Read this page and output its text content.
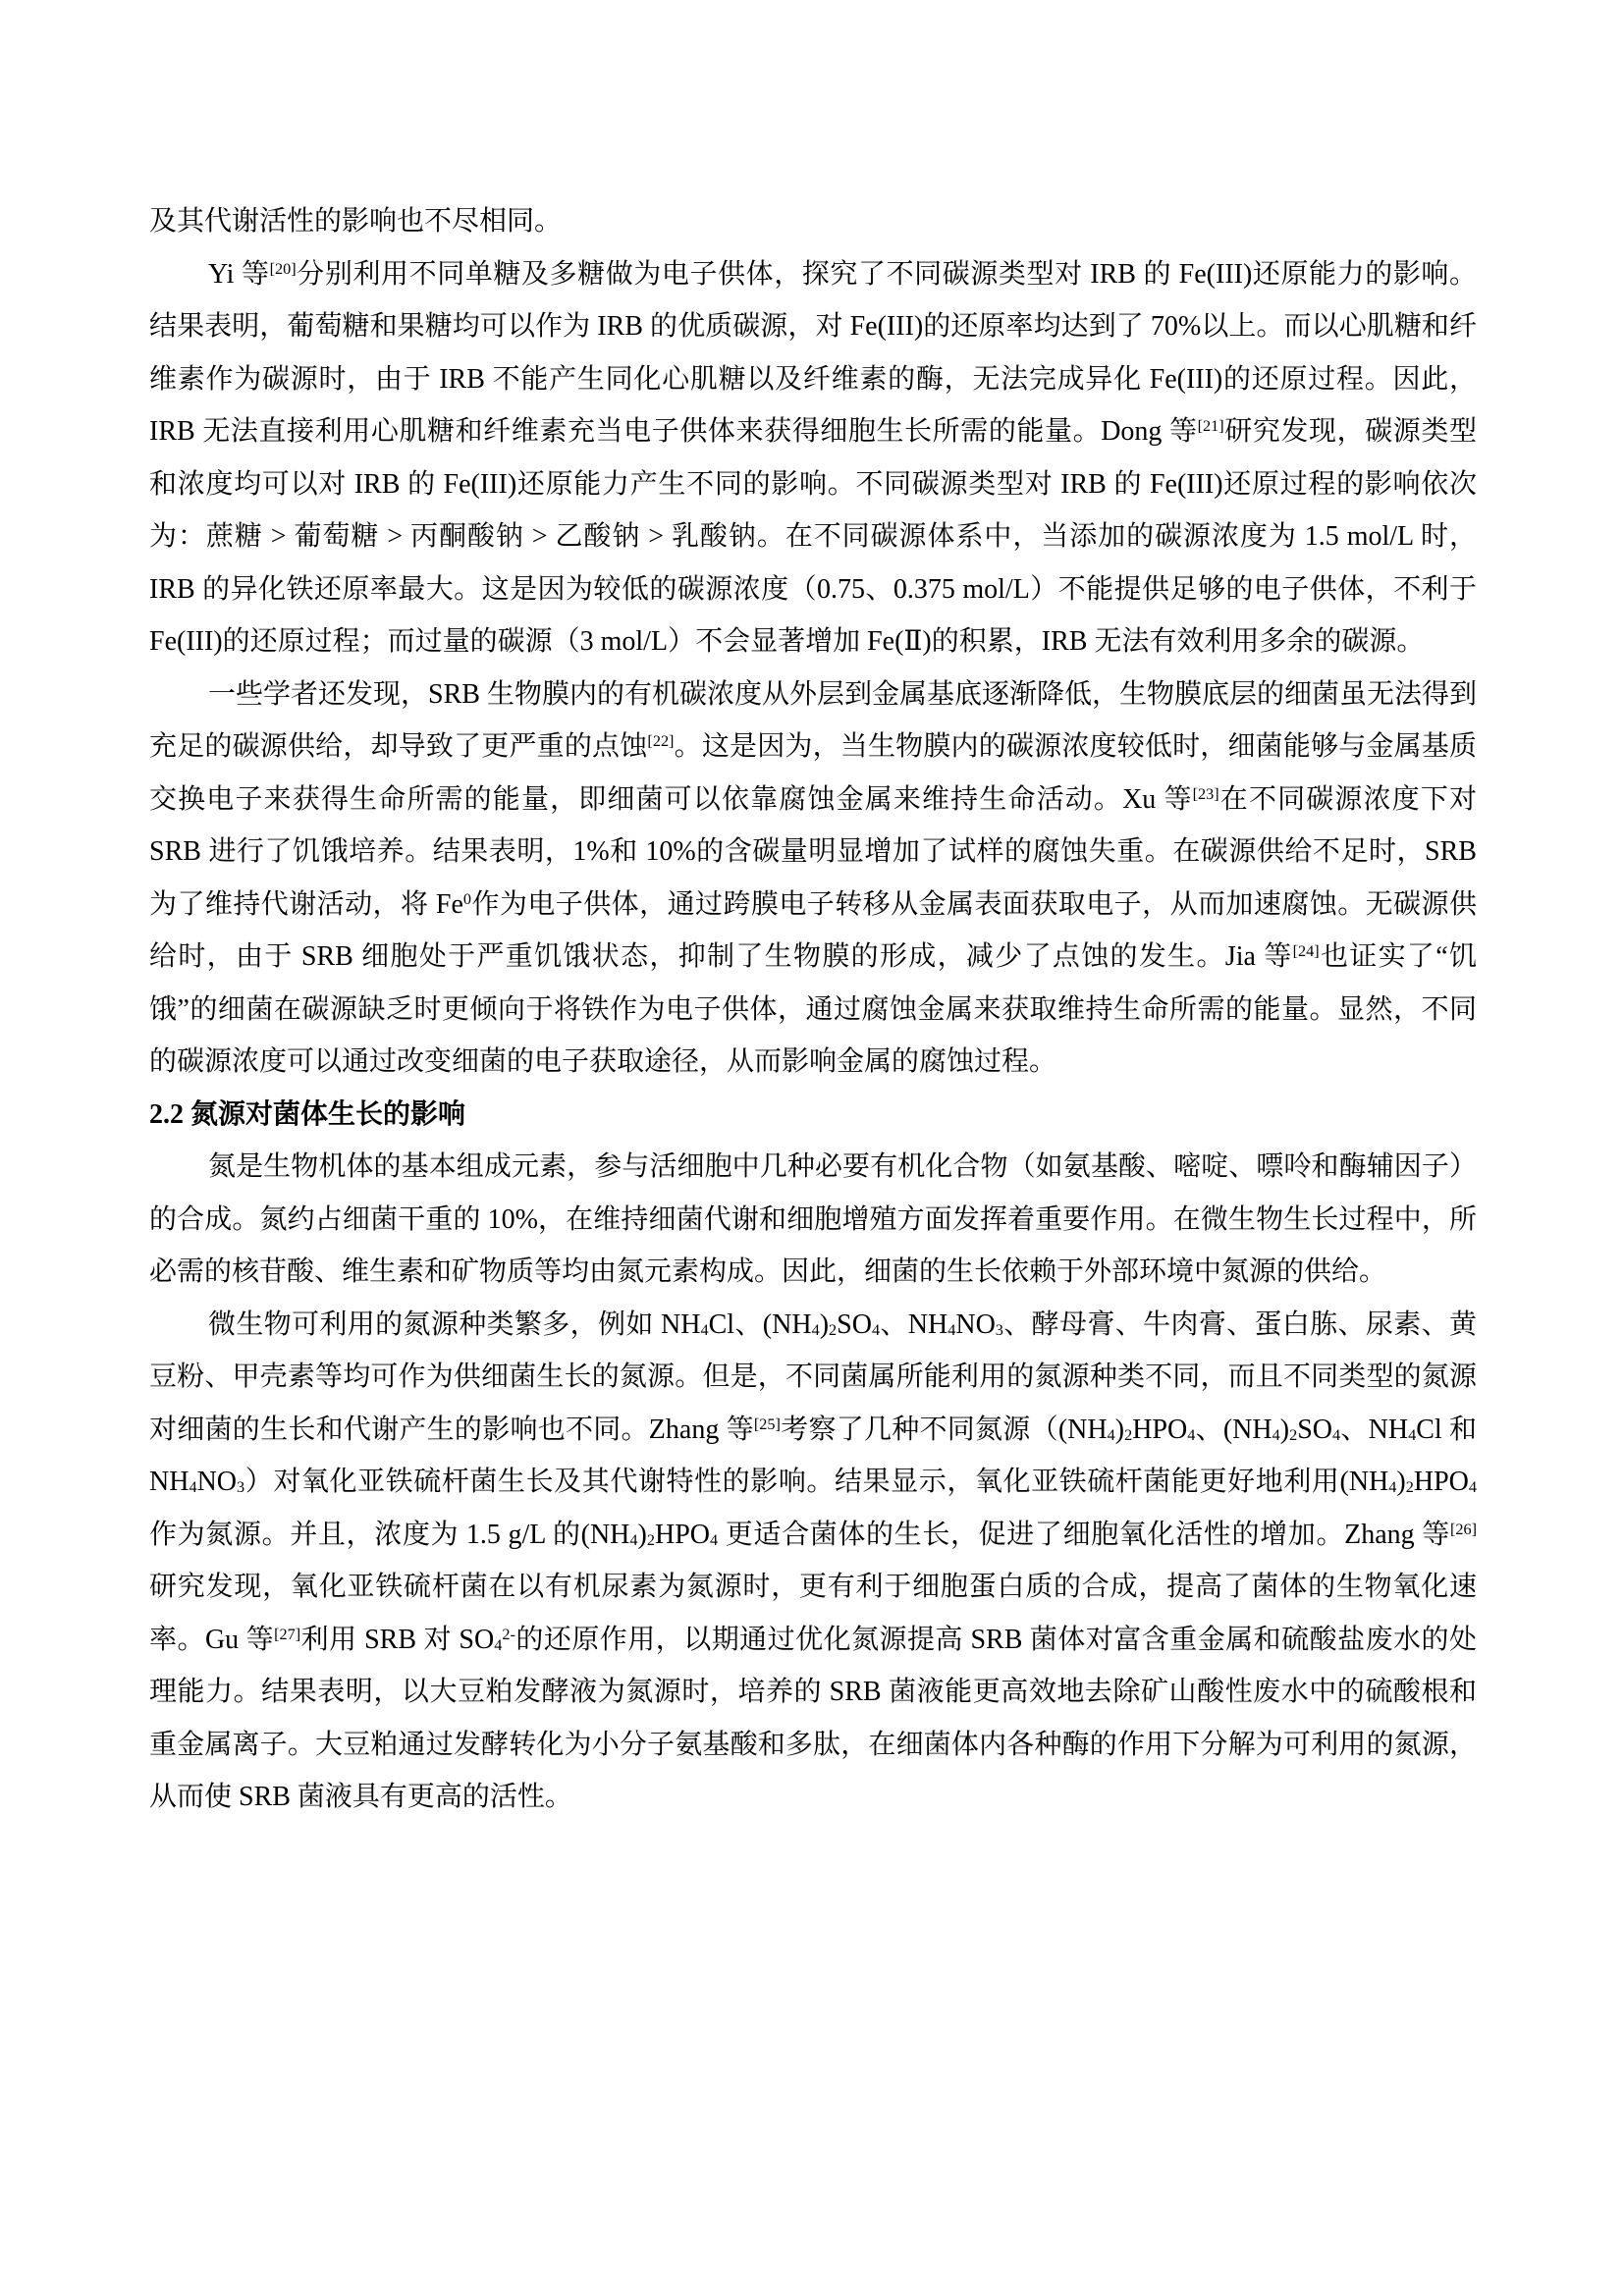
及其代谢活性的影响也不尽相同。
Yi 等[20]分别利用不同单糖及多糖做为电子供体，探究了不同碳源类型对 IRB 的 Fe(III)还原能力的影响。结果表明，葡萄糖和果糖均可以作为 IRB 的优质碳源，对 Fe(III)的还原率均达到了 70%以上。而以心肌糖和纤维素作为碳源时，由于 IRB 不能产生同化心肌糖以及纤维素的酶，无法完成异化 Fe(III)的还原过程。因此，IRB 无法直接利用心肌糖和纤维素充当电子供体来获得细胞生长所需的能量。Dong 等[21]研究发现，碳源类型和浓度均可以对 IRB 的 Fe(III)还原能力产生不同的影响。不同碳源类型对 IRB 的 Fe(III)还原过程的影响依次为：蔗糖 > 葡萄糖 > 丙酮酸钠 > 乙酸钠 > 乳酸钠。在不同碳源体系中，当添加的碳源浓度为 1.5 mol/L 时，IRB 的异化铁还原率最大。这是因为较低的碳源浓度（0.75、0.375 mol/L）不能提供足够的电子供体，不利于 Fe(III)的还原过程；而过量的碳源（3 mol/L）不会显著增加 Fe(Ⅱ)的积累，IRB 无法有效利用多余的碳源。
一些学者还发现，SRB 生物膜内的有机碳浓度从外层到金属基底逐渐降低，生物膜底层的细菌虽无法得到充足的碳源供给，却导致了更严重的点蚀[22]。这是因为，当生物膜内的碳源浓度较低时，细菌能够与金属基质交换电子来获得生命所需的能量，即细菌可以依靠腐蚀金属来维持生命活动。Xu 等[23]在不同碳源浓度下对 SRB 进行了饥饿培养。结果表明，1%和 10%的含碳量明显增加了试样的腐蚀失重。在碳源供给不足时，SRB 为了维持代谢活动，将 Fe$^0$作为电子供体，通过跨膜电子转移从金属表面获取电子，从而加速腐蚀。无碳源供给时，由于 SRB 细胞处于严重饥饿状态，抑制了生物膜的形成，减少了点蚀的发生。Jia 等[24]也证实了“饥饿”的细菌在碳源缺乏时更倾向于将铁作为电子供体，通过腐蚀金属来获取维持生命所需的能量。显然，不同的碳源浓度可以通过改变细菌的电子获取途径，从而影响金属的腐蚀过程。
2.2 氮源对菌体生长的影响
氮是生物机体的基本组成元素，参与活细胞中几种必要有机化合物（如氨基酸、嘧啶、嘌呤和酶辅因子）的合成。氮约占细菌干重的 10%，在维持细菌代谢和细胞增殖方面发挥着重要作用。在微生物生长过程中，所必需的核苷酸、维生素和矿物质等均由氮元素构成。因此，细菌的生长依赖于外部环境中氮源的供给。
微生物可利用的氮源种类繁多，例如 $NH_4Cl$、$(NH_4)_2SO_4$、$NH_4NO_3$、酵母膏、牛肉膏、蛋白胨、尿素、黄豆粉、甲壳素等均可作为供细菌生长的氮源。但是，不同菌属所能利用的氮源种类不同，而且不同类型的氮源对细菌的生长和代谢产生的影响也不同。Zhang 等[25]考察了几种不同氮源（$(NH_4)_2HPO_4$、$(NH_4)_2SO_4$、$NH_4Cl$ 和 $NH_4NO_3$）对氧化亚铁硫杆菌生长及其代谢特性的影响。结果显示，氧化亚铁硫杆菌能更好地利用$(NH_4)_2HPO_4$ 作为氮源。并且，浓度为 1.5 g/L 的$(NH_4)_2HPO_4$ 更适合菌体的生长，促进了细胞氧化活性的增加。Zhang 等[26]研究发现，氧化亚铁硫杆菌在以有机尿素为氮源时，更有利于细胞蛋白质的合成，提高了菌体的生物氧化速率。Gu 等[27]利用 SRB 对 $SO_4^{2-}$的还原作用，以期通过优化氮源提高 SRB 菌体对富含重金属和硫酸盐废水的处理能力。结果表明，以大豆粕发酵液为氮源时，培养的 SRB 菌液能更高效地去除矿山酸性废水中的硫酸根和重金属离子。大豆粕通过发酵转化为小分子氨基酸和多肽，在细菌体内各种酶的作用下分解为可利用的氮源，从而使 SRB 菌液具有更高的活性。
